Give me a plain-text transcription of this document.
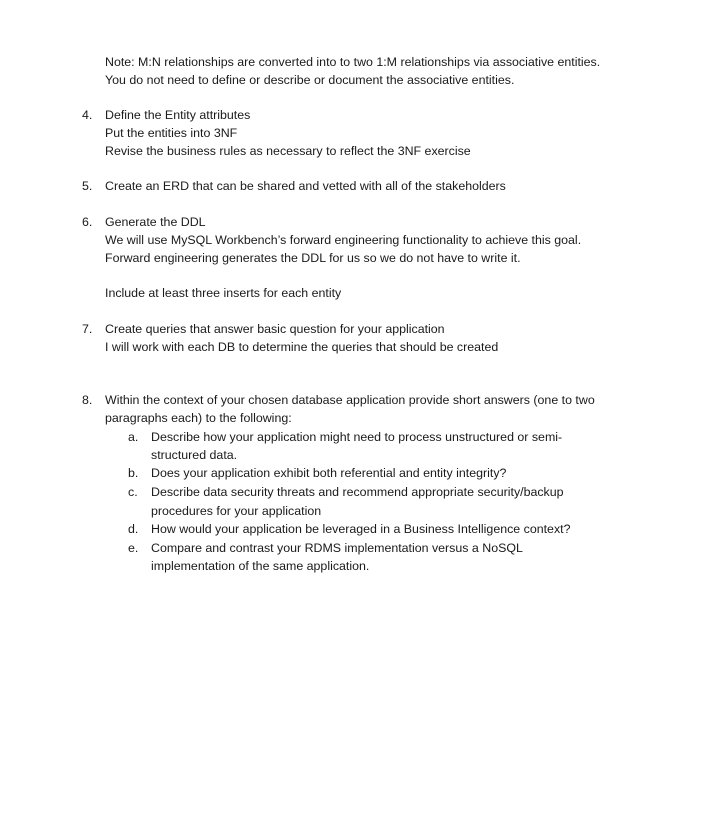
Note: M:N relationships are converted into to two 1:M relationships via associative entities.
You do not need to define or describe or document the associative entities.
4. Define the Entity attributes
Put the entities into 3NF
Revise the business rules as necessary to reflect the 3NF exercise
5. Create an ERD that can be shared and vetted with all of the stakeholders
6. Generate the DDL
We will use MySQL Workbench’s forward engineering functionality to achieve this goal.
Forward engineering generates the DDL for us so we do not have to write it.
Include at least three inserts for each entity
7. Create queries that answer basic question for your application
I will work with each DB to determine the queries that should be created
8. Within the context of your chosen database application provide short answers (one to two
paragraphs each) to the following:
a. Describe how your application might need to process unstructured or semi-
structured data.
b. Does your application exhibit both referential and entity integrity?
c. Describe data security threats and recommend appropriate security/backup
procedures for your application
d. How would your application be leveraged in a Business Intelligence context?
e. Compare and contrast your RDMS implementation versus a NoSQL
implementation of the same application.
